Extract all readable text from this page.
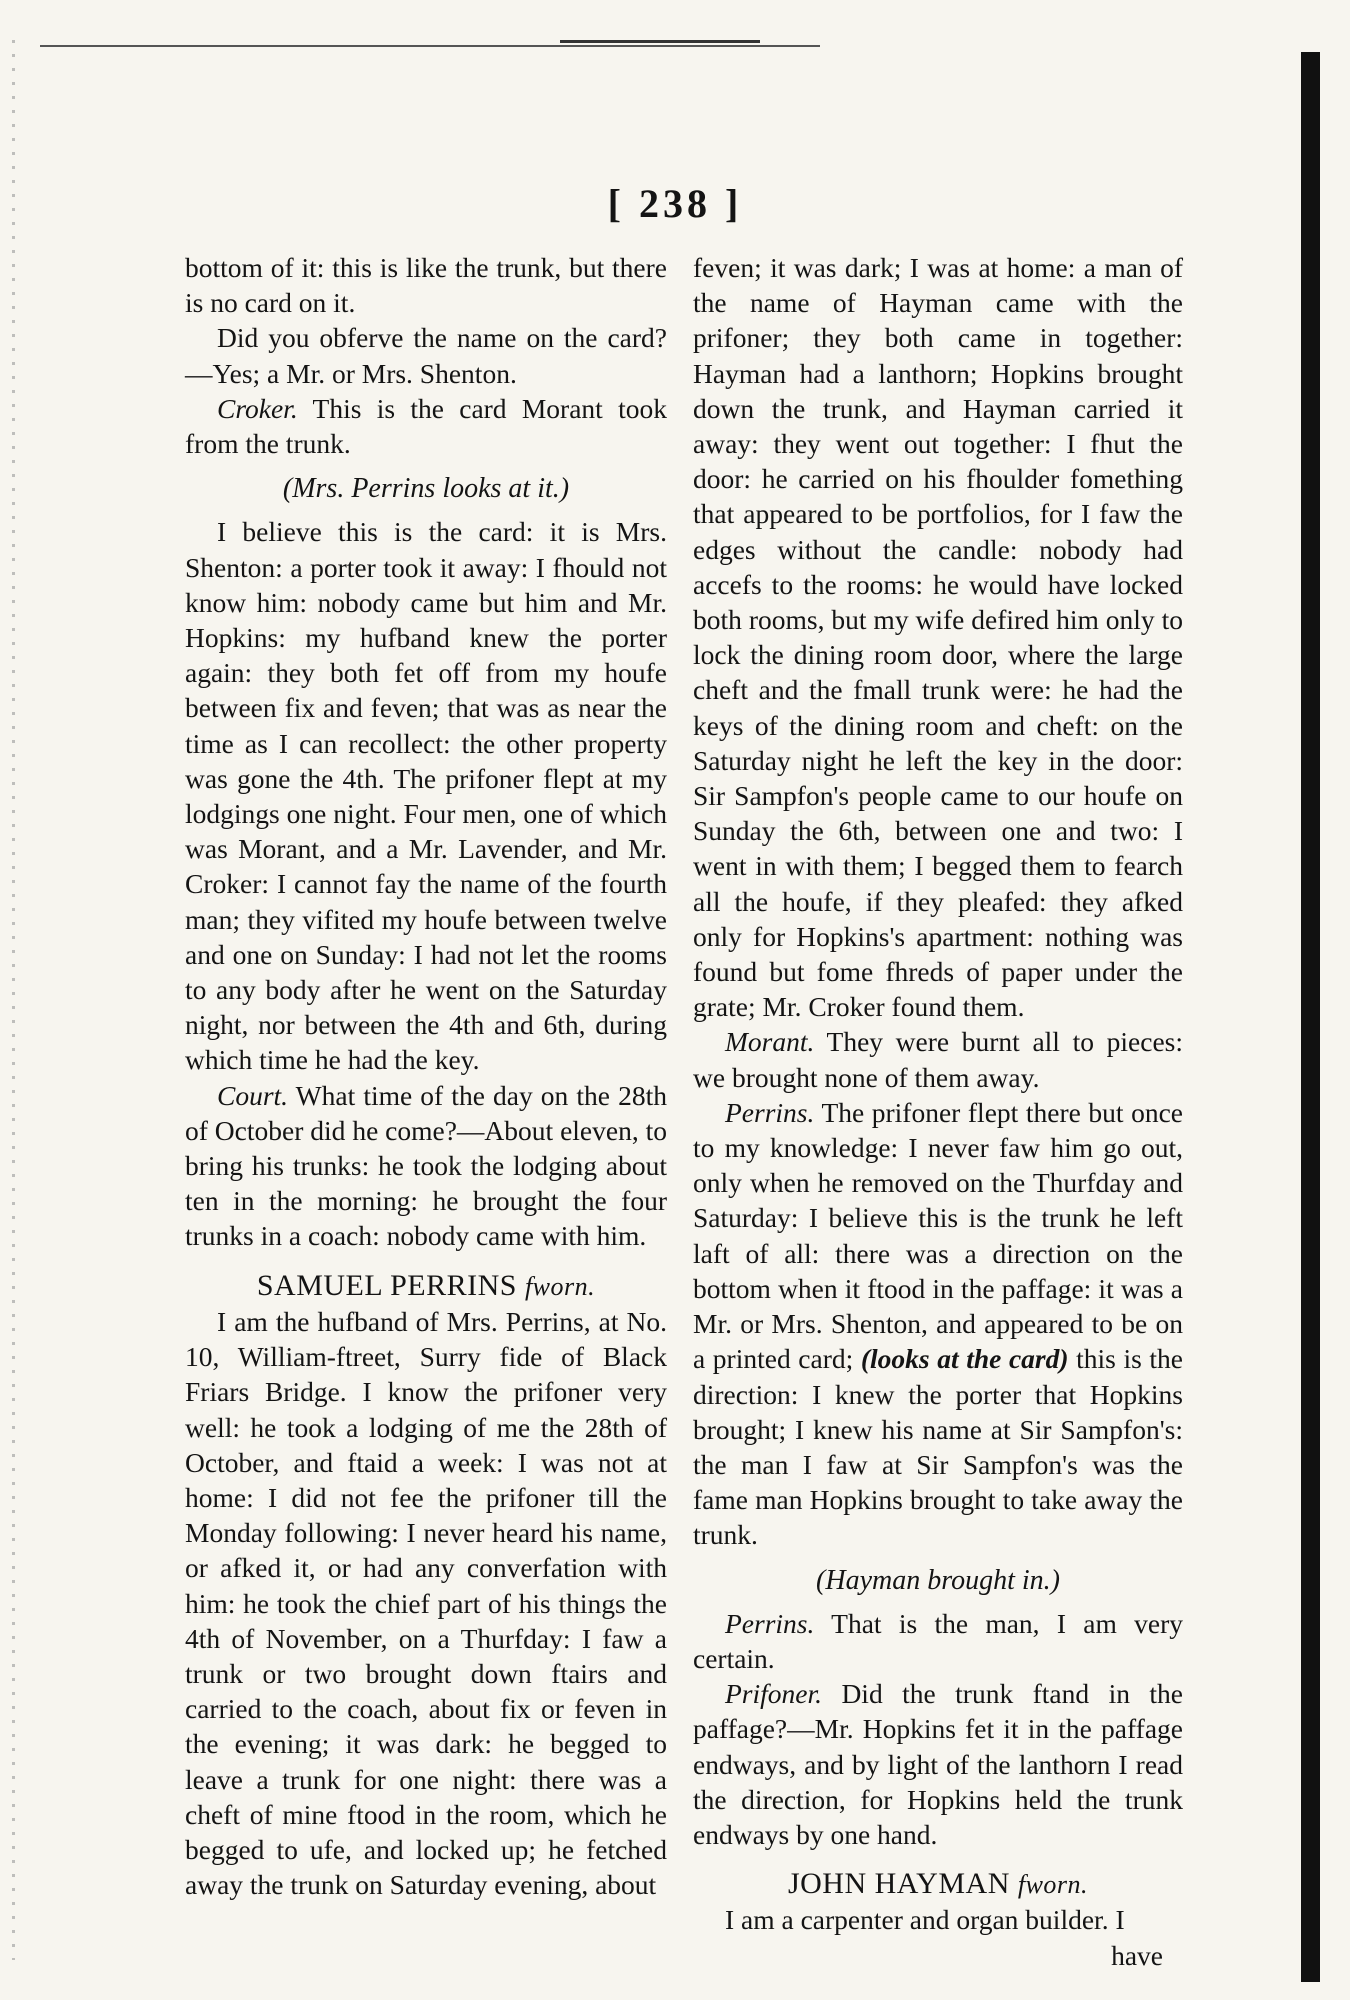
[ 238 ]

bottom of it: this is like the trunk, but there is no card on it.

Did you obferve the name on the card?—Yes; a Mr. or Mrs. Shenton.

Croker. This is the card Morant took from the trunk.

(Mrs. Perrins looks at it.)

I believe this is the card: it is Mrs. Shenton: a porter took it away: I fhould not know him: nobody came but him and Mr. Hopkins: my hufband knew the porter again: they both fet off from my houfe between fix and feven; that was as near the time as I can recollect: the other property was gone the 4th. The prifoner flept at my lodgings one night. Four men, one of which was Morant, and a Mr. Lavender, and Mr. Croker: I cannot fay the name of the fourth man; they vifited my houfe between twelve and one on Sunday: I had not let the rooms to any body after he went on the Saturday night, nor between the 4th and 6th, during which time he had the key.

Court. What time of the day on the 28th of October did he come?—About eleven, to bring his trunks: he took the lodging about ten in the morning: he brought the four trunks in a coach: nobody came with him.

SAMUEL PERRINS fworn.

I am the hufband of Mrs. Perrins, at No. 10, William-ftreet, Surry fide of Black Friars Bridge. I know the prifoner very well: he took a lodging of me the 28th of October, and ftaid a week: I was not at home: I did not fee the prifoner till the Monday following: I never heard his name, or afked it, or had any converfation with him: he took the chief part of his things the 4th of November, on a Thurfday: I faw a trunk or two brought down ftairs and carried to the coach, about fix or feven in the evening; it was dark: he begged to leave a trunk for one night: there was a cheft of mine ftood in the room, which he begged to ufe, and locked up; he fetched away the trunk on Saturday evening, about

feven; it was dark; I was at home: a man of the name of Hayman came with the prifoner; they both came in together: Hayman had a lanthorn; Hopkins brought down the trunk, and Hayman carried it away: they went out together: I fhut the door: he carried on his fhoulder fomething that appeared to be portfolios, for I faw the edges without the candle: nobody had accefs to the rooms: he would have locked both rooms, but my wife defired him only to lock the dining room door, where the large cheft and the fmall trunk were: he had the keys of the dining room and cheft: on the Saturday night he left the key in the door: Sir Sampfon's people came to our houfe on Sunday the 6th, between one and two: I went in with them; I begged them to fearch all the houfe, if they pleafed: they afked only for Hopkins's apartment: nothing was found but fome fhreds of paper under the grate; Mr. Croker found them.

Morant. They were burnt all to pieces: we brought none of them away.

Perrins. The prifoner flept there but once to my knowledge: I never faw him go out, only when he removed on the Thurfday and Saturday: I believe this is the trunk he left laft of all: there was a direction on the bottom when it ftood in the paffage: it was a Mr. or Mrs. Shenton, and appeared to be on a printed card; (looks at the card) this is the direction: I knew the porter that Hopkins brought; I knew his name at Sir Sampfon's: the man I faw at Sir Sampfon's was the fame man Hopkins brought to take away the trunk.

(Hayman brought in.)

Perrins. That is the man, I am very certain.

Prifoner. Did the trunk ftand in the paffage?—Mr. Hopkins fet it in the paffage endways, and by light of the lanthorn I read the direction, for Hopkins held the trunk endways by one hand.

JOHN HAYMAN fworn.

I am a carpenter and organ builder. I

have
